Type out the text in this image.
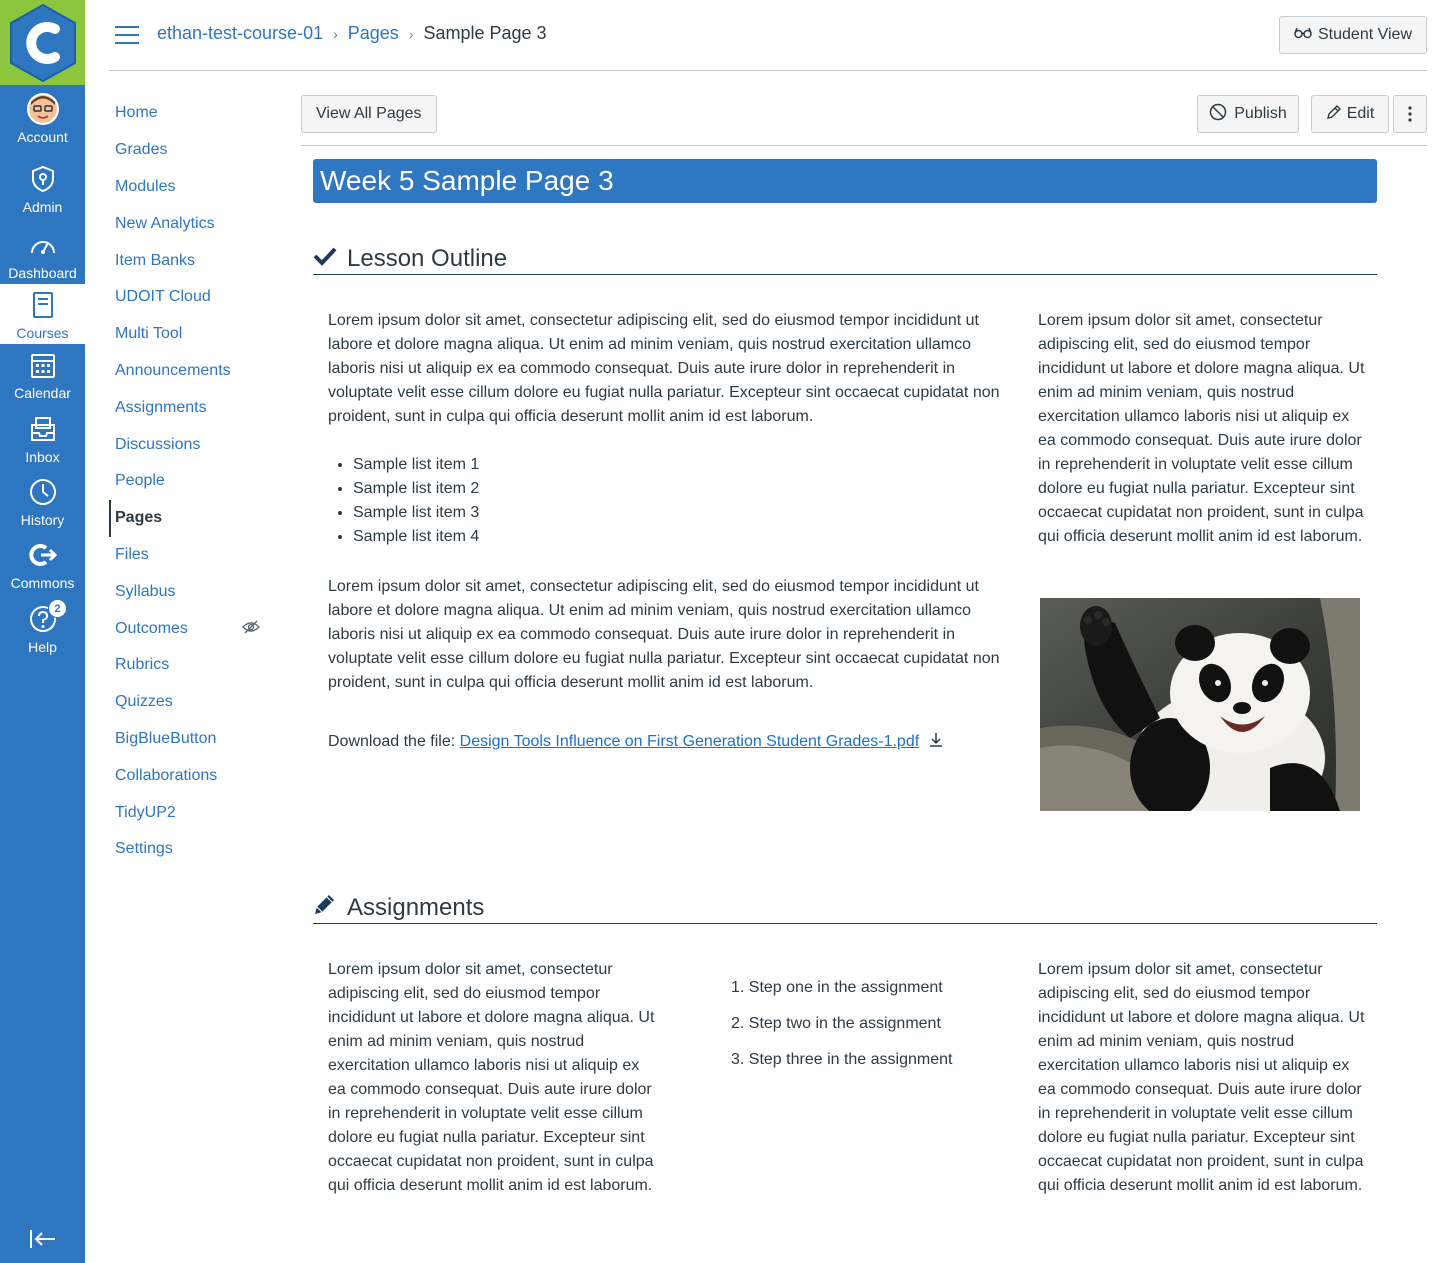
Account
Admin
Dashboard
Courses
Calendar
Inbox
History
Commons
Help
2
ethan-test-course-01 › Pages › Sample Page 3	Student View
Home
Grades
Modules
New Analytics
Item Banks
UDOIT Cloud
Multi Tool
Announcements
Assignments
Discussions
People
Pages
Files
Syllabus
Outcomes
Rubrics
Quizzes
BigBlueButton
Collaborations
TidyUP2
Settings
View All Pages	Publish	Edit
Week 5 Sample Page 3
Lesson Outline

Lorem ipsum dolor sit amet, consectetur adipiscing elit, sed do eiusmod tempor incididunt ut labore et dolore magna aliqua. Ut enim ad minim veniam, quis nostrud exercitation ullamco laboris nisi ut aliquip ex ea commodo consequat. Duis aute irure dolor in reprehenderit in voluptate velit esse cillum dolore eu fugiat nulla pariatur. Excepteur sint occaecat cupidatat non proident, sunt in culpa qui officia deserunt mollit anim id est laborum.

Lorem ipsum dolor sit amet, consectetur adipiscing elit, sed do eiusmod tempor incididunt ut labore et dolore magna aliqua. Ut enim ad minim veniam, quis nostrud exercitation ullamco laboris nisi ut aliquip ex ea commodo consequat. Duis aute irure dolor in reprehenderit in voluptate velit esse cillum dolore eu fugiat nulla pariatur. Excepteur sint occaecat cupidatat non proident, sunt in culpa qui officia deserunt mollit anim id est laborum.

• Sample list item 1
• Sample list item 2
• Sample list item 3
• Sample list item 4

Lorem ipsum dolor sit amet, consectetur adipiscing elit, sed do eiusmod tempor incididunt ut labore et dolore magna aliqua. Ut enim ad minim veniam, quis nostrud exercitation ullamco laboris nisi ut aliquip ex ea commodo consequat. Duis aute irure dolor in reprehenderit in voluptate velit esse cillum dolore eu fugiat nulla pariatur. Excepteur sint occaecat cupidatat non proident, sunt in culpa qui officia deserunt mollit anim id est laborum.

Download the file: Design Tools Influence on First Generation Student Grades-1.pdf
Assignments

Lorem ipsum dolor sit amet, consectetur adipiscing elit, sed do eiusmod tempor incididunt ut labore et dolore magna aliqua. Ut enim ad minim veniam, quis nostrud exercitation ullamco laboris nisi ut aliquip ex ea commodo consequat. Duis aute irure dolor in reprehenderit in voluptate velit esse cillum dolore eu fugiat nulla pariatur. Excepteur sint occaecat cupidatat non proident, sunt in culpa qui officia deserunt mollit anim id est laborum.

1. Step one in the assignment
2. Step two in the assignment
3. Step three in the assignment

Lorem ipsum dolor sit amet, consectetur adipiscing elit, sed do eiusmod tempor incididunt ut labore et dolore magna aliqua. Ut enim ad minim veniam, quis nostrud exercitation ullamco laboris nisi ut aliquip ex ea commodo consequat. Duis aute irure dolor in reprehenderit in voluptate velit esse cillum dolore eu fugiat nulla pariatur. Excepteur sint occaecat cupidatat non proident, sunt in culpa qui officia deserunt mollit anim id est laborum.
